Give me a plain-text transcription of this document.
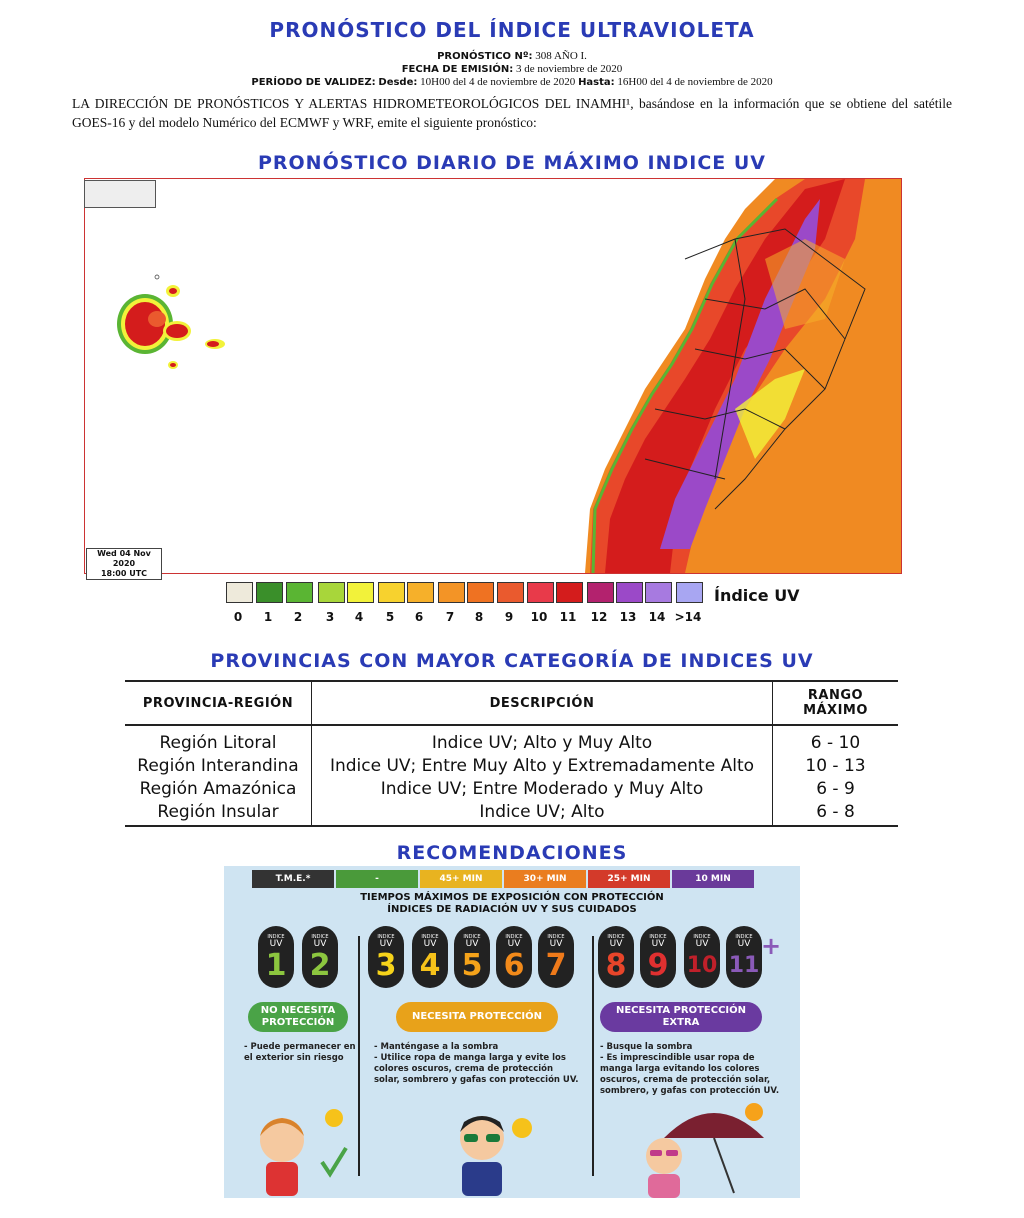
PRONÓSTICO DEL ÍNDICE ULTRAVIOLETA
PRONÓSTICO Nº: 308 AÑO I.
FECHA DE EMISIÓN: 3 de noviembre de 2020
PERÍODO DE VALIDEZ: Desde: 10H00 del 4 de noviembre de 2020 Hasta: 16H00 del 4 de noviembre de 2020
LA DIRECCIÓN DE PRONÓSTICOS Y ALERTAS HIDROMETEOROLÓGICOS DEL INAMHI¹, basándose en la información que se obtiene del satétile GOES-16 y del modelo Numérico del ECMWF y WRF, emite el siguiente pronóstico:
PRONÓSTICO DIARIO DE MÁXIMO INDICE UV
Wed 04 Nov 2020
18:00 UTC
0	1	2	3	4	5	6	7	8	9	10	11	12	13	14 >14
Índice UV
PROVINCIAS CON MAYOR CATEGORÍA DE INDICES UV
PROVINCIA-REGIÓN	DESCRIPCIÓN	RANGO MÁXIMO
Región Litoral	Indice UV; Alto y Muy Alto	6 - 10
Región Interandina	Indice UV; Entre Muy Alto y Extremadamente Alto	10 - 13
Región Amazónica	Indice UV; Entre Moderado y Muy Alto	6 - 9
Región Insular	Indice UV; Alto	6 - 8
RECOMENDACIONES
T.M.E.*	-	45+ MIN	30+ MIN	25+ MIN	10 MIN
TIEMPOS MÁXIMOS DE EXPOSICIÓN CON PROTECCIÓN
ÍNDICES DE RADIACIÓN UV Y SUS CUIDADOS
INDICE
UV
1
INDICE
UV
2
INDICE
UV
3
INDICE
UV
4
INDICE
UV
5
INDICE
UV
6
INDICE
UV
7
INDICE
UV
8
INDICE
UV
9
INDICE
UV
10
INDICE
UV
11
+
NO NECESITA PROTECCIÓN
- Puede permanecer en el exterior sin riesgo
NECESITA PROTECCIÓN
- Manténgase a la sombra
- Utilice ropa de manga larga y evite los colores oscuros, crema de protección solar, sombrero y gafas con protección UV.
NECESITA PROTECCIÓN EXTRA
- Busque la sombra
- Es imprescindible usar ropa de manga larga evitando los colores oscuros, crema de protección solar, sombrero, y gafas con protección UV.
